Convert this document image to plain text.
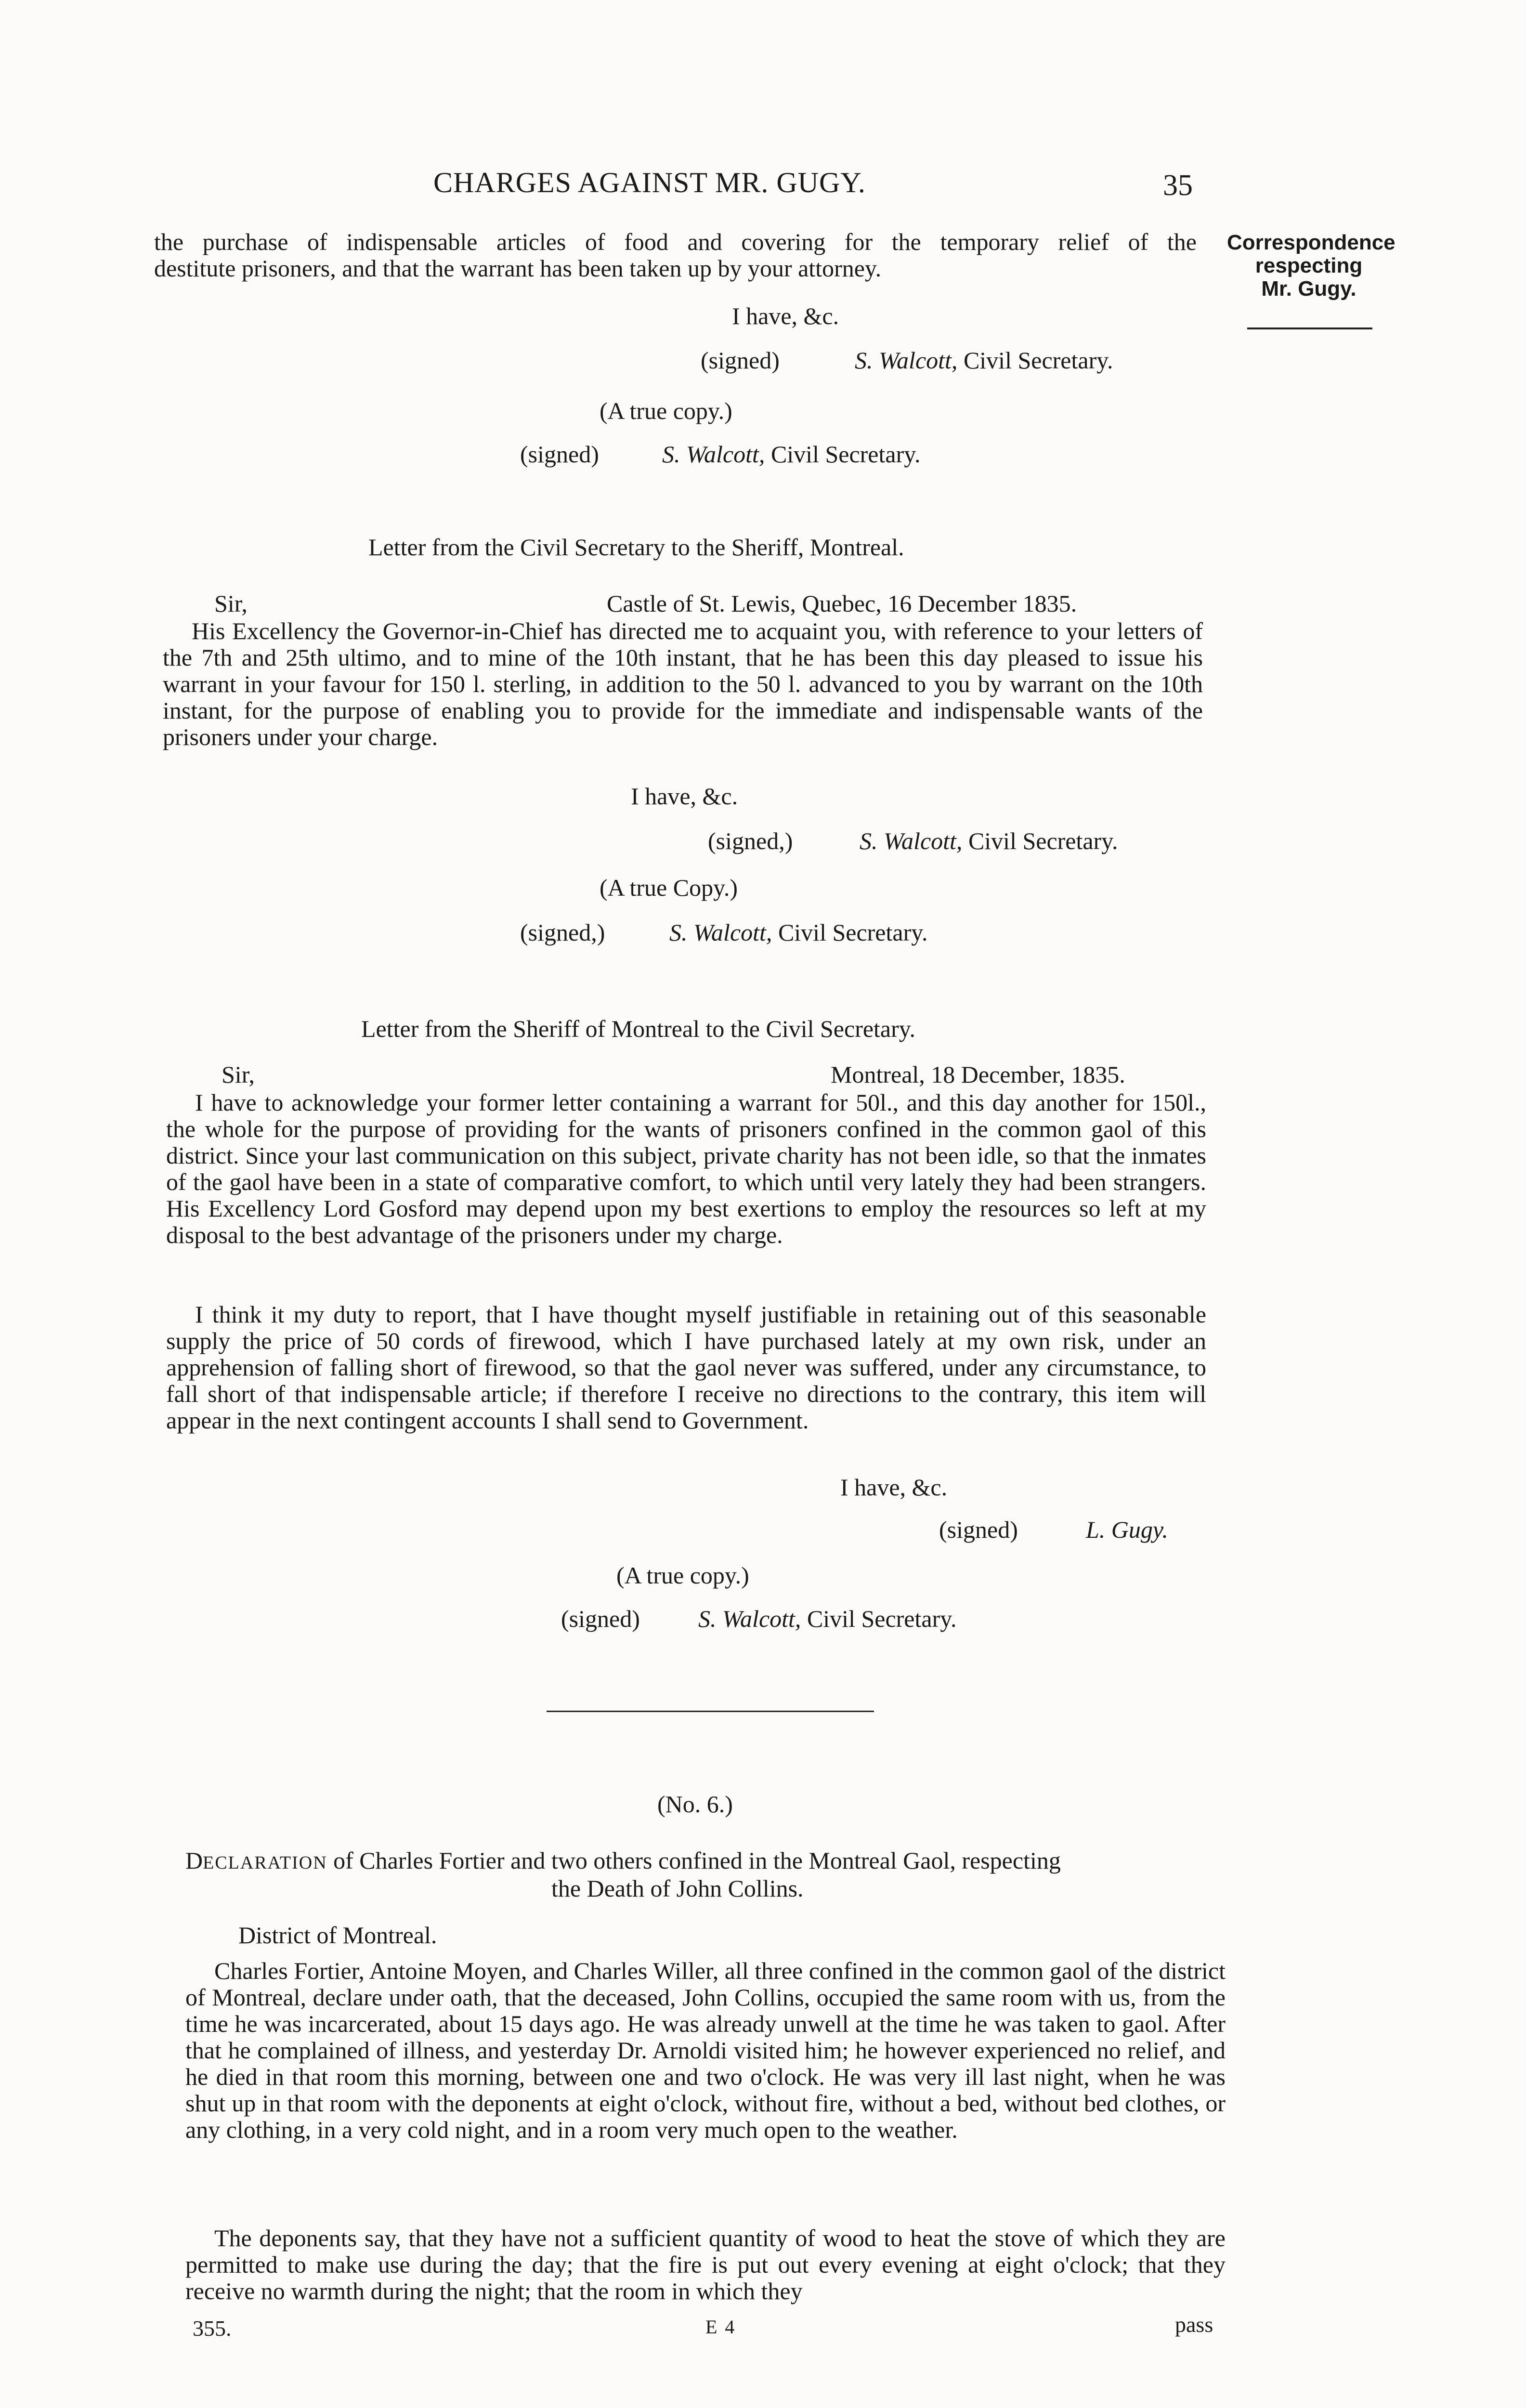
CHARGES AGAINST MR. GUGY.	35
Correspondence
respecting
Mr. Gugy.
the purchase of indispensable articles of food and covering for the temporary relief of the
destitute prisoners, and that the warrant has been taken up by your attorney.
I have, &c.
(signed)	S. Walcott, Civil Secretary.
(A true copy.)
(signed)	S. Walcott, Civil Secretary.
Letter from the Civil Secretary to the Sheriff, Montreal.
Sir,	Castle of St. Lewis, Quebec, 16 December 1835.
His Excellency the Governor-in-Chief has directed me to acquaint you, with reference to your letters of the 7th and 25th ultimo, and to mine of the 10th instant, that he has been this day pleased to issue his warrant in your favour for 150 l. sterling, in addition to the 50 l. advanced to you by warrant on the 10th instant, for the purpose of enabling you to provide for the immediate and indispensable wants of the prisoners under your charge.
I have, &c.
(signed,)	S. Walcott, Civil Secretary.
(A true Copy.)
(signed,)	S. Walcott, Civil Secretary.
Letter from the Sheriff of Montreal to the Civil Secretary.
Sir,	Montreal, 18 December, 1835.
I have to acknowledge your former letter containing a warrant for 50l., and this day another for 150l., the whole for the purpose of providing for the wants of prisoners confined in the common gaol of this district. Since your last communication on this subject, private charity has not been idle, so that the inmates of the gaol have been in a state of comparative comfort, to which until very lately they had been strangers. His Excellency Lord Gosford may depend upon my best exertions to employ the resources so left at my disposal to the best advantage of the prisoners under my charge.
I think it my duty to report, that I have thought myself justifiable in retaining out of this seasonable supply the price of 50 cords of firewood, which I have purchased lately at my own risk, under an apprehension of falling short of firewood, so that the gaol never was suffered, under any circumstance, to fall short of that indispensable article; if therefore I receive no directions to the contrary, this item will appear in the next contingent accounts I shall send to Government.
I have, &c.
(signed)	L. Gugy.
(A true copy.)
(signed) S. Walcott, Civil Secretary.
(No. 6.)
DECLARATION of Charles Fortier and two others confined in the Montreal Gaol, respecting
the Death of John Collins.
District of Montreal.
Charles Fortier, Antoine Moyen, and Charles Willer, all three confined in the common gaol of the district of Montreal, declare under oath, that the deceased, John Collins, occupied the same room with us, from the time he was incarcerated, about 15 days ago. He was already unwell at the time he was taken to gaol. After that he complained of illness, and yesterday Dr. Arnoldi visited him; he however experienced no relief, and he died in that room this morning, between one and two o'clock. He was very ill last night, when he was shut up in that room with the deponents at eight o'clock, without fire, without a bed, without bed clothes, or any clothing, in a very cold night, and in a room very much open to the weather.
The deponents say, that they have not a sufficient quantity of wood to heat the stove of which they are permitted to make use during the day; that the fire is put out every evening at eight o'clock; that they receive no warmth during the night; that the room in which they
355.	E 4	pass
